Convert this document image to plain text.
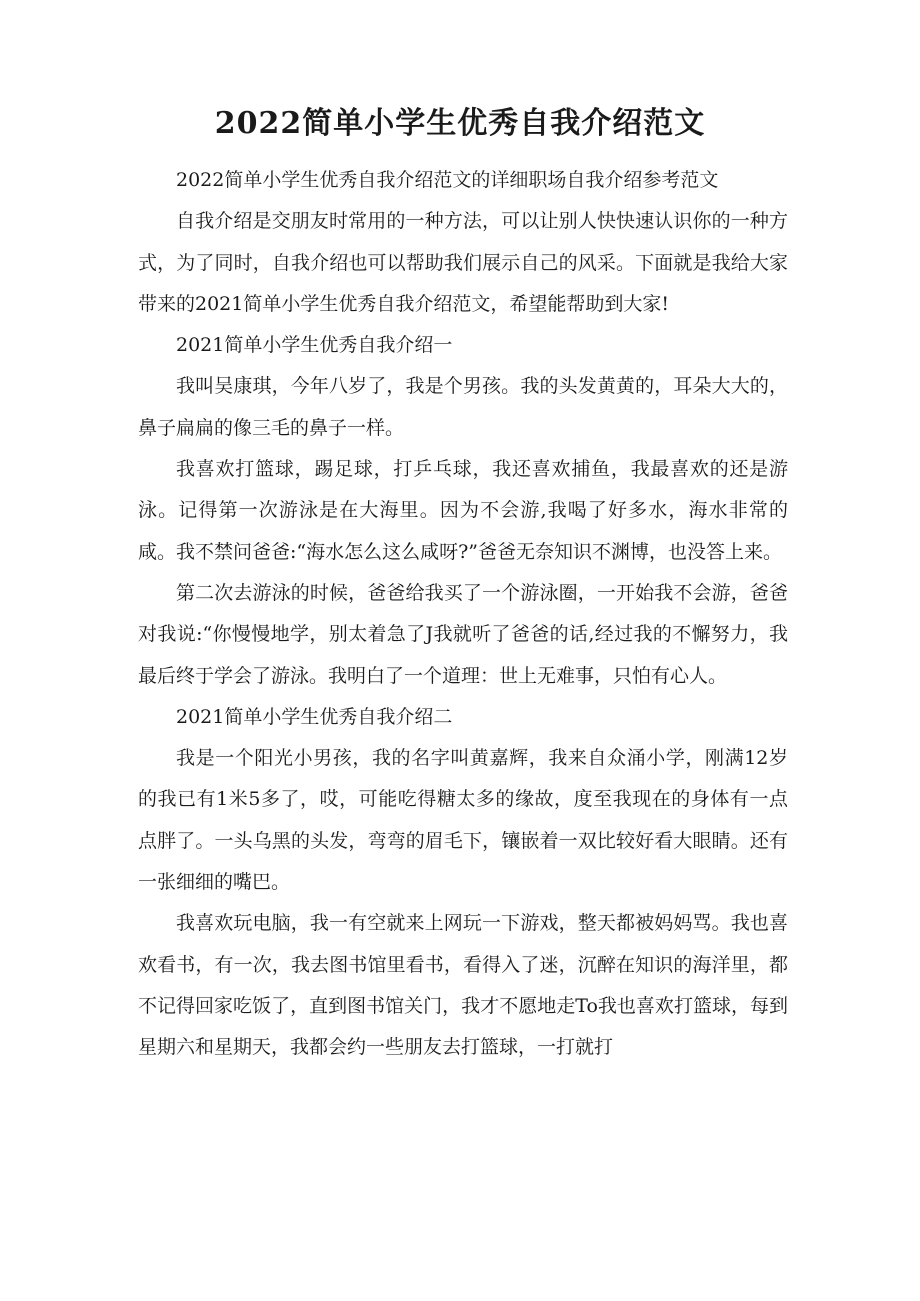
2022简单小学生优秀自我介绍范文

2022简单小学生优秀自我介绍范文的详细职场自我介绍参考范文

自我介绍是交朋友时常用的一种方法，可以让别人快快速认识你的一种方式，为了同时，自我介绍也可以帮助我们展示自己的风采。下面就是我给大家带来的2021简单小学生优秀自我介绍范文，希望能帮助到大家!

2021简单小学生优秀自我介绍一

我叫吴康琪，今年八岁了，我是个男孩。我的头发黄黄的，耳朵大大的，鼻子扁扁的像三毛的鼻子一样。

我喜欢打篮球，踢足球，打乒乓球，我还喜欢捕鱼，我最喜欢的还是游泳。记得第一次游泳是在大海里。因为不会游,我喝了好多水，海水非常的咸。我不禁问爸爸:“海水怎么这么咸呀?”爸爸无奈知识不渊博，也没答上来。

第二次去游泳的时候，爸爸给我买了一个游泳圈，一开始我不会游，爸爸对我说:“你慢慢地学，别太着急了J我就听了爸爸的话,经过我的不懈努力，我最后终于学会了游泳。我明白了一个道理：世上无难事，只怕有心人。

2021简单小学生优秀自我介绍二

我是一个阳光小男孩，我的名字叫黄嘉辉，我来自众涌小学，刚满12岁的我已有1米5多了，哎，可能吃得糖太多的缘故，度至我现在的身体有一点点胖了。一头乌黑的头发，弯弯的眉毛下，镶嵌着一双比较好看大眼睛。还有一张细细的嘴巴。

我喜欢玩电脑，我一有空就来上网玩一下游戏，整天都被妈妈骂。我也喜欢看书，有一次，我去图书馆里看书，看得入了迷，沉醉在知识的海洋里，都不记得回家吃饭了，直到图书馆关门，我才不愿地走To我也喜欢打篮球，每到星期六和星期天，我都会约一些朋友去打篮球，一打就打
